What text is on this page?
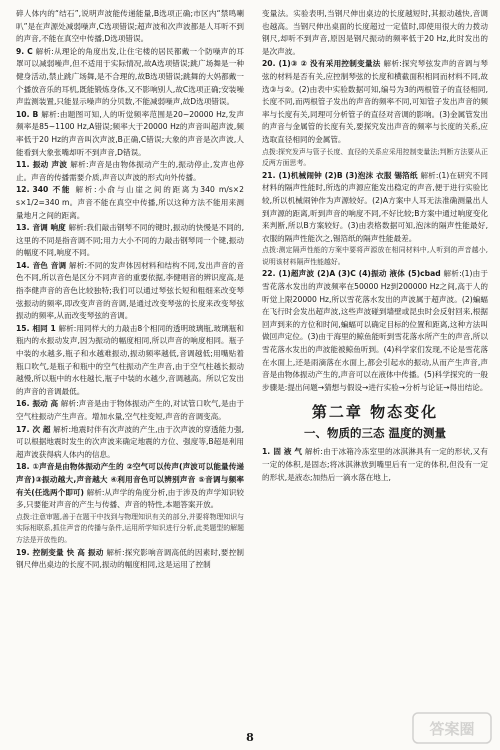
碎人体内的“结石”,说明声波能传递能量,B选项正确;市区内“禁鸣喇叭”是在声源处减弱噪声,C选项错误;超声波和次声波都是人耳听不到的声音,不能在真空中传播,D选项错误。

9. C 解析:从理论的角度出发,让住宅楼的居民都戴一个防噪声的耳罩可以减弱噪声,但不适用于实际情况,故A选项错误;跳广场舞是一种健身活动,禁止跳广场舞,是不合理的,故B选项错误;跳舞的大妈都戴一个播放音乐的耳机,既能锻炼身体,又不影响别人,故C选项正确;安装噪声监测装置,只能显示噪声的分贝数,不能减弱噪声,故D选项错误。

10. B 解析:由题图可知,人的听觉频率范围是20~20000 Hz,发声频率是85~1100 Hz,A错误;频率大于20000 Hz的声音叫超声波,频率低于20 Hz的声音叫次声波,B正确,C错误;大象的声音是次声波,人能看到大象张嘴却听不到声音,D错误。

11. 振动 声波 解析:声音是由物体振动产生的,振动停止,发声也停止。声音的传播需要介质,声音以声波的形式向外传播。

12. 340 不能 解析:小俞与山崖之间的距离为340 m/s×2 s×1/2=340 m。声音不能在真空中传播,所以这种方法不能用来测量地月之间的距离。

13. 音调 响度 解析:我们敲击钢琴不同的键时,振动的快慢是不同的,这里的不同是指音调不同;用力大小不同的力敲击钢琴同一个键,振动的幅度不同,响度不同。

14. 音色 音调 解析:不同的发声体因材料和结构不同,发出声音的音色不同,所以音色是区分不同声音的重要依据,李健唱音的辨识度高,是指李健声音的音色比较独特;我们可以通过琴弦长短和粗细来改变琴弦振动的频率,即改变声音的音调,是通过改变琴弦的长度来改变琴弦振动的频率,从而改变琴弦的音调。

15. 相同 1 解析:用同样大的力敲击8个相同的透明玻璃瓶,玻璃瓶和瓶内的水振动发声,因为振动的幅度相同,所以声音的响度相同。瓶子中装的水越多,瓶子和水越难振动,振动频率越低,音调越低;用嘴贴着瓶口吹气,是瓶子和瓶中的空气柱振动产生声音,由于空气柱越长振动越慢,所以瓶中的水柱越长,瓶子中装的水越少,音调越高。所以它发出的声音的音调最低。

16. 振动 高 解析:声音是由于物体振动产生的,对试管口吹气,是由于空气柱振动产生声音。增加水量,空气柱变短,声音的音调变高。

17. 次 超 解析:地震时伴有次声波的产生,由于次声波的穿透能力强,可以根据地震时发生的次声波来确定地震的方位、强度等,B超是利用超声波获得病人体内的信息。

18. ①声音是由物体振动产生的 ②空气可以传声(声波可以能量传递声音)③振动越大,声音越大 ④利用音色可以辨别声音 ⑤音调与频率有关(任选两个即可) 解析:从声学的角度分析,由于涉及的声学知识较多,只要能对声音的产生与传播、声音的特性,本题答案开放。

点拨:注意审题,善于在题干中找到与物理知识有关的部分,并要将物理知识与实际相联系,抓住声音的传播与条件,运用所学知识进行分析,此类题型的解题方法是开放性的。

19. 控制变量 快 高 振动 解析:探究影响音调高低的因素时,要控制钢尺伸出桌边的长度不同,振动的幅度相同,这是运用了控制

变量法。实验表明,当钢尺伸出桌边的长度越短时,其振动越快,音调也越高。当钢尺伸出桌面的长度超过一定值时,即使用很大的力拨动钢尺,却听不到声音,原因是钢尺振动的频率低于20 Hz,此时发出的是次声波。

20. (1)③ ② 没有采用控制变量法 解析:探究琴弦发声的音调与琴弦的材料是否有关,应控制琴弦的长度和横截面积相同而材料不同,故选③与②。(2)由表中实验数据可知,编号为3的两根管子的直径相同,长度不同,而两根管子发出的声音的频率不同,可知管子发出声音的频率与长度有关,同理可分析管子的直径对音调的影响。(3)金属管发出的声音与金属管的长度有关,要探究发出声音的频率与长度的关系,应选取直径相同的金属管。

点拨:探究发声与管子长度、直径的关系应采用控制变量法;判断方法要从正反两方面思考。

21. (1)机械闹钟 (2)B (3)泡沫 衣服 锡箔纸 解析:(1)在研究不同材料的隔声性能时,所选的声源应能发出稳定的声音,便于进行实验比较,所以机械闹钟作为声源较好。(2)A方案中人耳无法准确测量出人到声源的距离,听到声音的响度不同,不好比较;B方案中通过响度变化来判断,所以B方案较好。(3)由表格数据可知,泡沫的隔声性能最好,衣服的隔声性能次之,锡箔纸的隔声性能最差。

点拨:测定隔声性能的方案中要将声源放在相同材料中,人听到的声音越小,说明该材料隔声性能越好。

22. (1)超声波 (2)A (3)C (4)振动 液体 (5)cbad 解析:(1)由于雪花落水发出的声波频率在50000 Hz到200000 Hz之间,高于人的听觉上限20000 Hz,所以雪花落水发出的声波属于超声波。(2)蝙蝠在飞行时会发出超声波,这些声波碰到墙壁或昆虫时会反射回来,根据回声到来的方位和时间,蝙蝠可以确定目标的位置和距离,这种方法叫做回声定位。(3)由于海里的鲸鱼能听到雪花落水所产生的声音,所以雪花落水发出的声波能被鲸鱼听到。(4)科学家们发现,不论是雪花落在水面上,还是雨滴落在水面上,都会引起水的振动,从而产生声音,声音是由物体振动产生的,声音可以在液体中传播。(5)科学探究的一般步骤是:提出问题→猜想与假设→进行实验→分析与论证→得出结论。

第二章 物态变化
一、物质的三态 温度的测量

1. 固 液 气 解析:由于冰箱冷冻室里的冰淇淋具有一定的形状,又有一定的体积,是固态;将冰淇淋放到嘴里后有一定的体积,但没有一定的形状,是液态;加热后一滴水落在地上,

8	答案圈
